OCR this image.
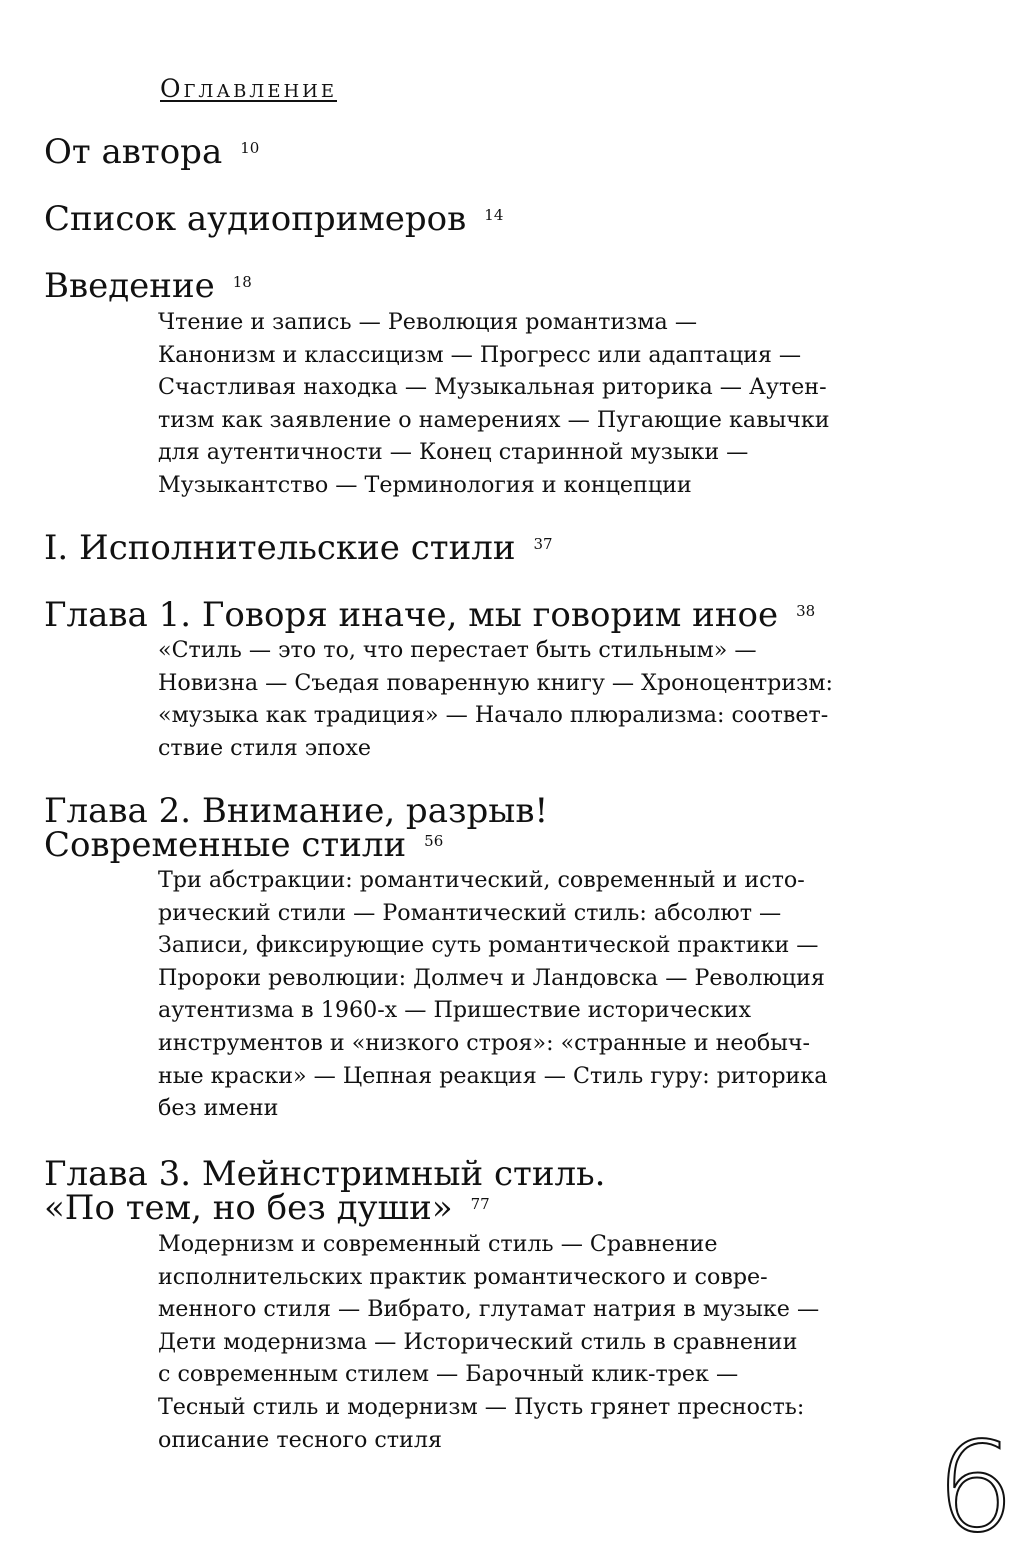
Оглавление
От автора $^{10}$
Список аудиопримеров $^{14}$
Введение $^{18}$
Чтение и запись — Революция романтизма —
Канонизм и классицизм — Прогресс или адаптация —
Счастливая находка — Музыкальная риторика — Аутен-
тизм как заявление о намерениях — Пугающие кавычки
для аутентичности — Конец старинной музыки —
Музыкантство — Терминология и концепции
I. Исполнительские стили $^{37}$
Глава 1. Говоря иначе, мы говорим иное $^{38}$
«Стиль — это то, что перестает быть стильным» —
Новизна — Съедая поваренную книгу — Хроноцентризм:
«музыка как традиция» — Начало плюрализма: соответ-
ствие стиля эпохе
Глава 2. Внимание, разрыв!
Современные стили $^{56}$
Три абстракции: романтический, современный и исто-
рический стили — Романтический стиль: абсолют —
Записи, фиксирующие суть романтической практики —
Пророки революции: Долмеч и Ландовска — Революция
аутентизма в 1960-х — Пришествие исторических
инструментов и «низкого строя»: «странные и необыч-
ные краски» — Цепная реакция — Стиль гуру: риторика
без имени
Глава 3. Мейнстримный стиль.
«По тем, но без души» $^{77}$
Модернизм и современный стиль — Сравнение
исполнительских практик романтического и совре-
менного стиля — Вибрато, глутамат натрия в музыке —
Дети модернизма — Исторический стиль в сравнении
с современным стилем — Барочный клик-трек —
Тесный стиль и модернизм — Пусть грянет пресность:
описание тесного стиля	6
